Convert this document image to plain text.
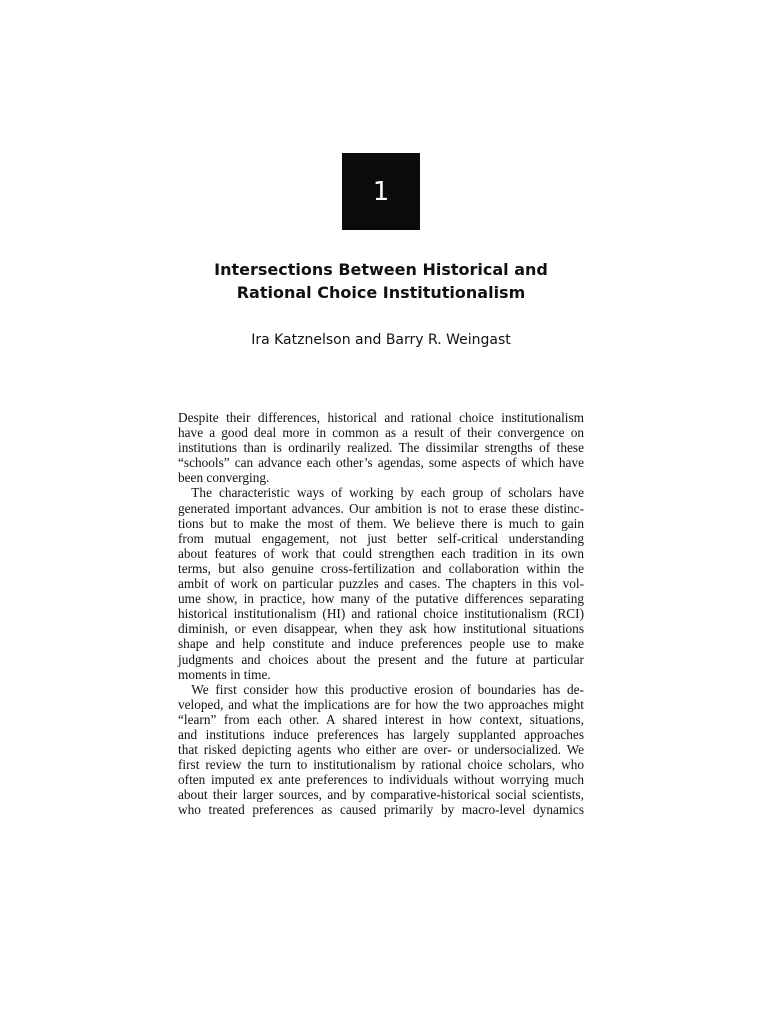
1
Intersections Between Historical and
Rational Choice Institutionalism

Ira Katznelson and Barry R. Weingast

Despite their differences, historical and rational choice institutionalism
have a good deal more in common as a result of their convergence on
institutions than is ordinarily realized. The dissimilar strengths of these
“schools” can advance each other’s agendas, some aspects of which have
been converging.
 The characteristic ways of working by each group of scholars have
generated important advances. Our ambition is not to erase these distinc-
tions but to make the most of them. We believe there is much to gain
from mutual engagement, not just better self-critical understanding
about features of work that could strengthen each tradition in its own
terms, but also genuine cross-fertilization and collaboration within the
ambit of work on particular puzzles and cases. The chapters in this vol-
ume show, in practice, how many of the putative differences separating
historical institutionalism (HI) and rational choice institutionalism (RCI)
diminish, or even disappear, when they ask how institutional situations
shape and help constitute and induce preferences people use to make
judgments and choices about the present and the future at particular
moments in time.
 We first consider how this productive erosion of boundaries has de-
veloped, and what the implications are for how the two approaches might
“learn” from each other. A shared interest in how context, situations,
and institutions induce preferences has largely supplanted approaches
that risked depicting agents who either are over- or undersocialized. We
first review the turn to institutionalism by rational choice scholars, who
often imputed ex ante preferences to individuals without worrying much
about their larger sources, and by comparative-historical social scientists,
who treated preferences as caused primarily by macro-level dynamics
